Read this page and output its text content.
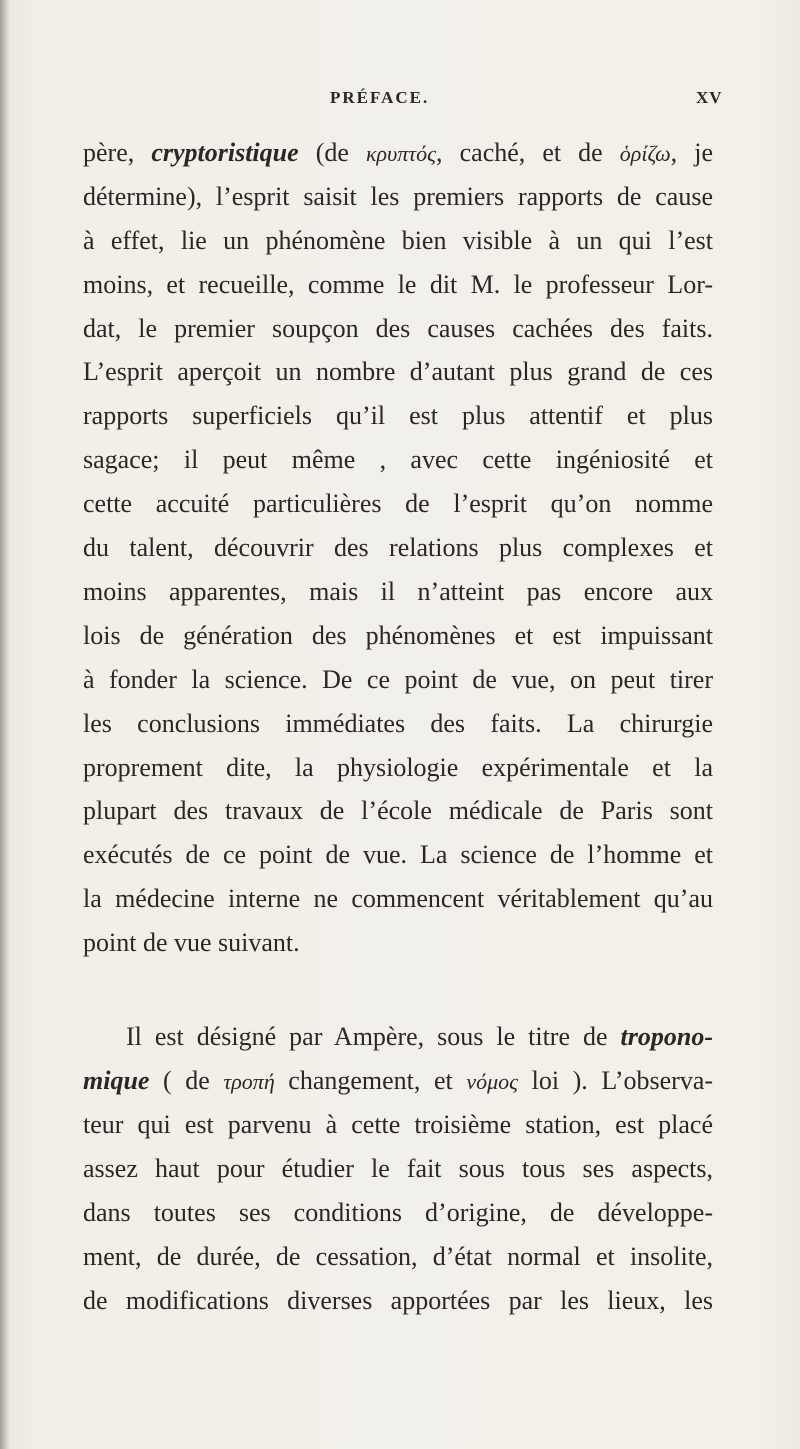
PRÉFACE.	XV
père, cryptoristique (de κρυπτός, caché, et de ὁρίζω, je
détermine), l’esprit saisit les premiers rapports de cause
à effet, lie un phénomène bien visible à un qui l’est
moins, et recueille, comme le dit M. le professeur Lor-
dat, le premier soupçon des causes cachées des faits.
L’esprit aperçoit un nombre d’autant plus grand de ces
rapports superficiels qu’il est plus attentif et plus
sagace; il peut même , avec cette ingéniosité et
cette accuité particulières de l’esprit qu’on nomme
du talent, découvrir des relations plus complexes et
moins apparentes, mais il n’atteint pas encore aux
lois de génération des phénomènes et est impuissant
à fonder la science. De ce point de vue, on peut tirer
les conclusions immédiates des faits. La chirurgie
proprement dite, la physiologie expérimentale et la
plupart des travaux de l’école médicale de Paris sont
exécutés de ce point de vue. La science de l’homme et
la médecine interne ne commencent véritablement qu’au
point de vue suivant.
Il est désigné par Ampère, sous le titre de tropono-
mique ( de τροπή changement, et νόμος loi ). L’observa-
teur qui est parvenu à cette troisième station, est placé
assez haut pour étudier le fait sous tous ses aspects,
dans toutes ses conditions d’origine, de développe-
ment, de durée, de cessation, d’état normal et insolite,
de modifications diverses apportées par les lieux, les
